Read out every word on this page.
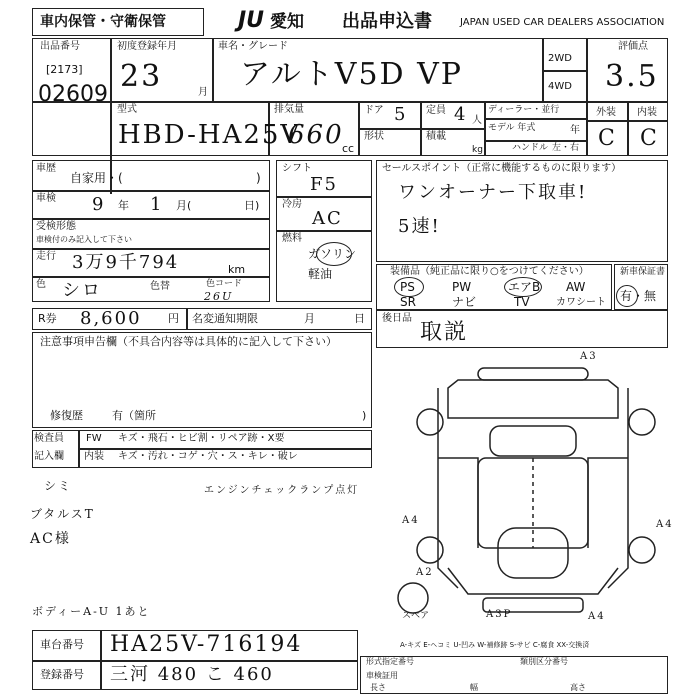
車内保管・守衛保管	JU 愛知 出品申込書	JAPAN USED CAR DEALERS ASSOCIATION
出品番号
[2173]
02609
初度登録年月
23	月
車名・グレード
アルトV5D VP	2WD
4WD
評価点
3.5
型式
HBD-HA25V
排気量
660
cc
ドア 5 定員 4 人
ディーラー・並行
モデル 年式	年
形状	積載
kg	ハンドル 左・右
外装 内装
C C
車歴
自家用・(	)
車検 9 年 1 月(	日)
受検形態
車検付のみ記入して下さい
走行 3万9千794	km
色 シロ	色替	色コード
26U
シフト
F5
冷房
AC
燃料
ガソリン
軽油
セールスポイント（正常に機能するものに限ります）
ワンオーナー下取車!
5速!
装備品（純正品に限り○をつけてください）
PS	PW	エアB AW
SR	ナビ	TV	カワシート
新車保証書
有・無
R券 8,600 円 名変通知期限	月	日 後日品
取説
注意事項申告欄（不具合内容等は具体的に記入して下さい）
修復歴	有（箇所	)
検査員
記入欄
FW キズ・飛石・ヒビ割・リペア跡・X要
内装 キズ・汚れ・コゲ・穴・ス・キレ・破レ
シミ	エンジンチェックランプ点灯
ブタルスT
AC様
ボディーA-U 1あと
A3
A4	A4
A2
A3P	A4
スペア
A-キズ E-ヘコミ U-凹み W-補修跡 S-サビ C-腐食 XX-交換済
車台番号 HA25V-716194
登録番号 三河 480 こ 460
形式指定番号	類別区分番号
車検証用
長さ	幅	高さ
